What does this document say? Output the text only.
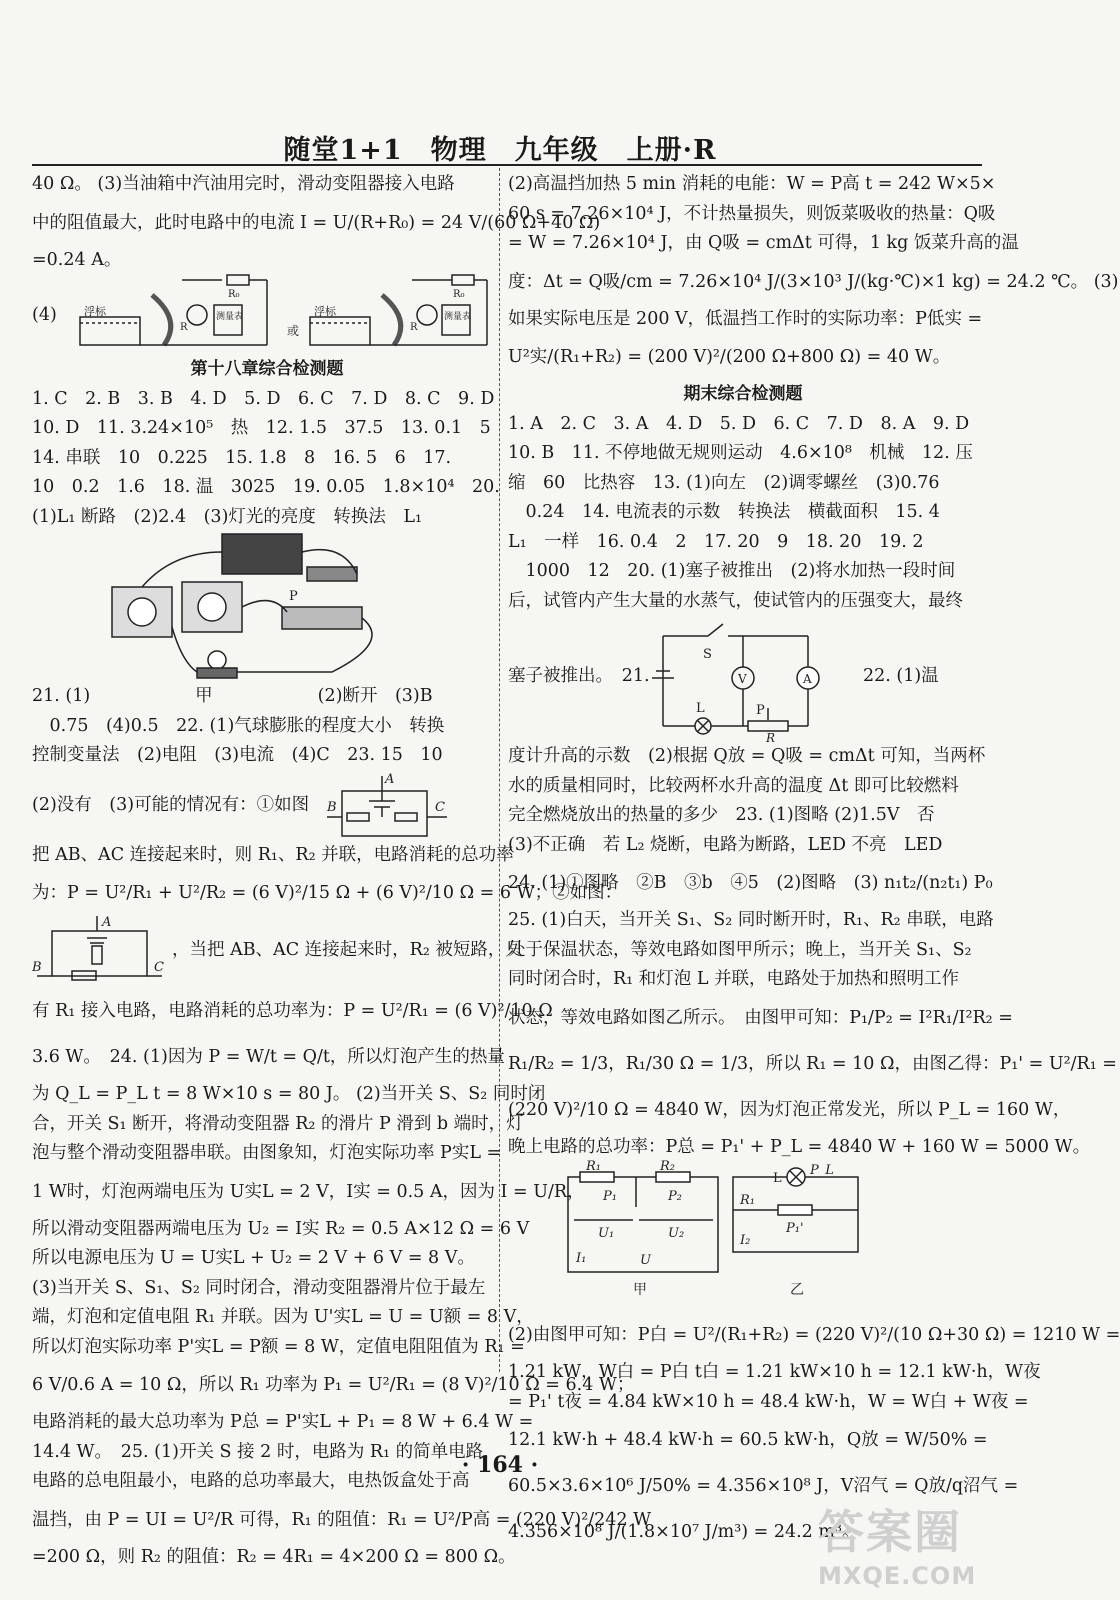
随堂1+1　物理　九年级　上册·R
40 Ω。 (3)当油箱中汽油用完时，滑动变阻器接入电路
中的阻值最大，此时电路中的电流 I = U/(R+R₀) = 24 V/(60 Ω+40 Ω)
=0.24 A。
(4) 浮标	测量表
R₀
R	或
浮标	测量表
R₀
R
第十八章综合检测题
1. C　2. B　3. B　4. D　5. D　6. C　7. D　8. C　9. D
10. D　11. 3.24×10⁵　热　12. 1.5　37.5　13. 0.1　5
14. 串联　10　0.225　15. 1.8　8　16. 5　6　17.
10　0.2　1.6　18. 温　3025　19. 0.05　1.8×10⁴　20.
(1)L₁ 断路　(2)2.4　(3)灯光的亮度　转换法　L₁
P
21. (1)　　　　　　甲　　　　　　(2)断开　(3)B
　0.75　(4)0.5　22. (1)气球膨胀的程度大小　转换
控制变量法　(2)电阻　(3)电流　(4)C　23. 15　10
(2)没有　(3)可能的情况有：①如图
A
B	C
把 AB、AC 连接起来时，则 R₁、R₂ 并联，电路消耗的总功率
为：P = U²/R₁ + U²/R₂ = (6 V)²/15 Ω + (6 V)²/10 Ω = 6 W；②如图：
A
B	C
，当把 AB、AC 连接起来时，R₂ 被短路，只
有 R₁ 接入电路，电路消耗的总功率为：P = U²/R₁ = (6 V)²/10 Ω
3.6 W。　24. (1)因为 P = W/t = Q/t，所以灯泡产生的热量
为 Q_L = P_L t = 8 W×10 s = 80 J。 (2)当开关 S、S₂ 同时闭
合，开关 S₁ 断开，将滑动变阻器 R₂ 的滑片 P 滑到 b 端时，灯
泡与整个滑动变阻器串联。由图象知，灯泡实际功率 P实L =
1 W时，灯泡两端电压为 U实L = 2 V，I实 = 0.5 A，因为 I = U/R，
所以滑动变阻器两端电压为 U₂ = I实 R₂ = 0.5 A×12 Ω = 6 V
所以电源电压为 U = U实L + U₂ = 2 V + 6 V = 8 V。
(3)当开关 S、S₁、S₂ 同时闭合，滑动变阻器滑片位于最左
端，灯泡和定值电阻 R₁ 并联。因为 U'实L = U = U额 = 8 V，
所以灯泡实际功率 P'实L = P额 = 8 W，定值电阻阻值为 R₁ =
6 V/0.6 A = 10 Ω，所以 R₁ 功率为 P₁ = U²/R₁ = (8 V)²/10 Ω = 6.4 W；
电路消耗的最大总功率为 P总 = P'实L + P₁ = 8 W + 6.4 W =
14.4 W。　25. (1)开关 S 接 2 时，电路为 R₁ 的简单电路，
电路的总电阻最小，电路的总功率最大，电热饭盒处于高
温挡，由 P = UI = U²/R 可得，R₁ 的阻值：R₁ = U²/P高 = (220 V)²/242 W
=200 Ω，则 R₂ 的阻值：R₂ = 4R₁ = 4×200 Ω = 800 Ω。
(2)高温挡加热 5 min 消耗的电能：W = P高 t = 242 W×5×
60 s = 7.26×10⁴ J，不计热量损失，则饭菜吸收的热量：Q吸
= W = 7.26×10⁴ J，由 Q吸 = cmΔt 可得，1 kg 饭菜升高的温
度：Δt = Q吸/cm = 7.26×10⁴ J/(3×10³ J/(kg·℃)×1 kg) = 24.2 ℃。 (3)
如果实际电压是 200 V，低温挡工作时的实际功率：P低实 =
U²实/(R₁+R₂) = (200 V)²/(200 Ω+800 Ω) = 40 W。
期末综合检测题
1. A　2. C　3. A　4. D　5. D　6. C　7. D　8. A　9. D
10. B　11. 不停地做无规则运动　4.6×10⁸　机械　12. 压
缩　60　比热容　13. (1)向左　(2)调零螺丝　(3)0.76
　0.24　14. 电流表的示数　转换法　横截面积　15. 4
L₁　一样　16. 0.4　2　17. 20　9　18. 20　19. 2
　1000　12　20. (1)塞子被推出　(2)将水加热一段时间
后，试管内产生大量的水蒸气，使试管内的压强变大，最终
塞子被推出。　21.
S
V	A
L	P
R
22. (1)温
度计升高的示数　(2)根据 Q放 = Q吸 = cmΔt 可知，当两杯
水的质量相同时，比较两杯水升高的温度 Δt 即可比较燃料
完全燃烧放出的热量的多少　23. (1)图略 (2)1.5V　否
(3)不正确　若 L₂ 烧断，电路为断路，LED 不亮　LED
24. (1)①图略　②B　③b　④5　(2)图略　(3) n₁t₂/(n₂t₁) P₀
25. (1)白天，当开关 S₁、S₂ 同时断开时，R₁、R₂ 串联，电路
处于保温状态，等效电路如图甲所示；晚上，当开关 S₁、S₂
同时闭合时，R₁ 和灯泡 L 并联，电路处于加热和照明工作
状态，等效电路如图乙所示。　由图甲可知：P₁/P₂ = I²R₁/I²R₂ =
R₁/R₂ = 1/3，R₁/30 Ω = 1/3，所以 R₁ = 10 Ω，由图乙得：P₁' = U²/R₁ =
(220 V)²/10 Ω = 4840 W，因为灯泡正常发光，所以 P_L = 160 W，
晚上电路的总功率：P总 = P₁' + P_L = 4840 W + 160 W = 5000 W。
R₁	R₂
P₁	P₂
U₁	U₂
I₁	U
甲
L
P_L
R₁
P₁'
I₂
乙
(2)由图甲可知：P白 = U²/(R₁+R₂) = (220 V)²/(10 Ω+30 Ω) = 1210 W =
1.21 kW，W白 = P白 t白 = 1.21 kW×10 h = 12.1 kW·h，W夜
= P₁' t夜 = 4.84 kW×10 h = 48.4 kW·h，W = W白 + W夜 =
12.1 kW·h + 48.4 kW·h = 60.5 kW·h，Q放 = W/50% =
60.5×3.6×10⁶ J/50% = 4.356×10⁸ J，V沼气 = Q放/q沼气 =
4.356×10⁸ J/(1.8×10⁷ J/m³) = 24.2 m³。
· 164 ·
答案圈
MXQE.COM
